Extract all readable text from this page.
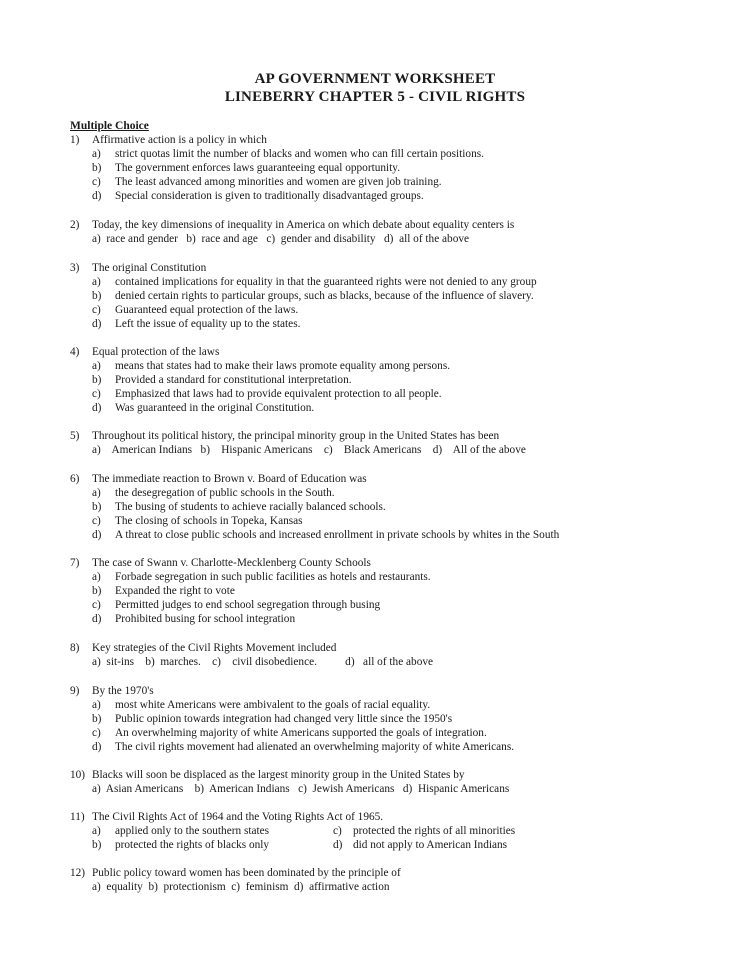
AP GOVERNMENT WORKSHEET
LINEBERRY CHAPTER 5 - CIVIL RIGHTS
Multiple Choice
1) Affirmative action is a policy in which
a) strict quotas limit the number of blacks and women who can fill certain positions.
b) The government enforces laws guaranteeing equal opportunity.
c) The least advanced among minorities and women are given job training.
d) Special consideration is given to traditionally disadvantaged groups.
2) Today, the key dimensions of inequality in America on which debate about equality centers is
a)  race and gender   b)  race and age   c)  gender and disability   d)  all of the above
3) The original Constitution
a) contained implications for equality in that the guaranteed rights were not denied to any group
b) denied certain rights to particular groups, such as blacks, because of the influence of slavery.
c) Guaranteed equal protection of the laws.
d) Left the issue of equality up to the states.
4) Equal protection of the laws
a) means that states had to make their laws promote equality among persons.
b) Provided a standard for constitutional interpretation.
c) Emphasized that laws had to provide equivalent protection to all people.
d) Was guaranteed in the original Constitution.
5) Throughout its political history, the principal minority group in the United States has been
a)    American Indians   b)    Hispanic Americans    c)    Black Americans    d)    All of the above
6) The immediate reaction to Brown v. Board of Education was
a) the desegregation of public schools in the South.
b) The busing of students to achieve racially balanced schools.
c) The closing of schools in Topeka, Kansas
d) A threat to close public schools and increased enrollment in private schools by whites in the South
7) The case of Swann v. Charlotte-Mecklenberg County Schools
a) Forbade segregation in such public facilities as hotels and restaurants.
b) Expanded the right to vote
c) Permitted judges to end school segregation through busing
d) Prohibited busing for school integration
8) Key strategies of the Civil Rights Movement included
a)  sit-ins    b)  marches.    c)    civil disobedience.          d)   all of the above
9) By the 1970's
a) most white Americans were ambivalent to the goals of racial equality.
b) Public opinion towards integration had changed very little since the 1950's
c) An overwhelming majority of white Americans supported the goals of integration.
d) The civil rights movement had alienated an overwhelming majority of white Americans.
10) Blacks will soon be displaced as the largest minority group in the United States by
a)  Asian Americans    b)  American Indians   c)  Jewish Americans   d)  Hispanic Americans
11) The Civil Rights Act of 1964 and the Voting Rights Act of 1965.
a) applied only to the southern states	c) protected the rights of all minorities
b) protected the rights of blacks only	d) did not apply to American Indians
12) Public policy toward women has been dominated by the principle of
a)  equality  b)  protectionism  c)  feminism  d)  affirmative action
